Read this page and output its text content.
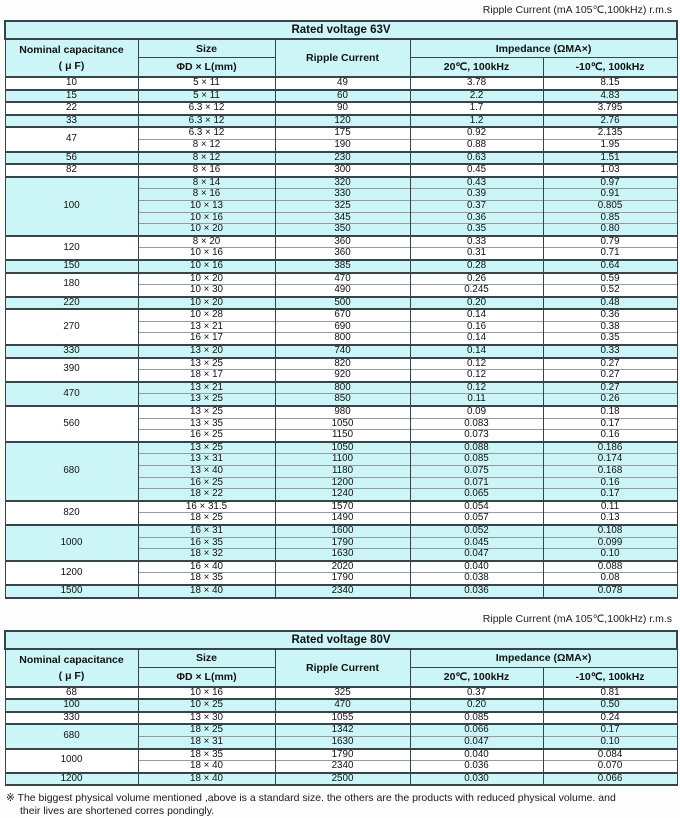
Ripple Current (mA 105℃,100kHz) r.m.s
Rated voltage 63V				

Nominal capacitance
( μ F)	Size	Ripple Current	Impedance (ΩMA×)	
	ΦD × L(mm)		20℃, 100kHz	-10℃, 100kHz
10	5 × 11	49	3.78	8.15
15	5 × 11	60	2.2	4.83
22	6.3 × 12	90	1.7	3.795
33	6.3 × 12	120	1.2	2.76
47	6.3 × 12	175	0.92	2.135
	8 × 12	190	0.88	1.95
56	8 × 12	230	0.63	1.51
82	8 × 16	300	0.45	1.03
100	8 × 14	320	0.43	0.97
	8 × 16	330	0.39	0.91
	10 × 13	325	0.37	0.805
	10 × 16	345	0.36	0.85
	10 × 20	350	0.35	0.80
120	8 × 20	360	0.33	0.79
	10 × 16	360	0.31	0.71
150	10 × 16	385	0.28	0.64
180	10 × 20	470	0.26	0.59
	10 × 30	490	0.245	0.52
220	10 × 20	500	0.20	0.48
270	10 × 28	670	0.14	0.36
	13 × 21	690	0.16	0.38
	16 × 17	800	0.14	0.35
330	13 × 20	740	0.14	0.33
390	13 × 25	820	0.12	0.27
	18 × 17	920	0.12	0.27
470	13 × 21	800	0.12	0.27
	13 × 25	850	0.11	0.26
560	13 × 25	980	0.09	0.18
	13 × 35	1050	0.083	0.17
	16 × 25	1150	0.073	0.16
680	13 × 25	1050	0.088	0.186
	13 × 31	1100	0.085	0.174
	13 × 40	1180	0.075	0.168
	16 × 25	1200	0.071	0.16
	18 × 22	1240	0.065	0.17
820	16 × 31.5	1570	0.054	0.11
	18 × 25	1490	0.057	0.13
1000	16 × 31	1600	0.052	0.108
	16 × 35	1790	0.045	0.099
	18 × 32	1630	0.047	0.10
1200	16 × 40	2020	0.040	0.088
	18 × 35	1790	0.038	0.08
1500	18 × 40	2340	0.036	0.078
Ripple Current (mA 105℃,100kHz) r.m.s
Rated voltage 80V				

Nominal capacitance
( μ F)	Size	Ripple Current	Impedance (ΩMA×)	
	ΦD × L(mm)		20℃, 100kHz	-10℃, 100kHz
68	10 × 16	325	0.37	0.81
100	10 × 25	470	0.20	0.50
330	13 × 30	1055	0.085	0.24
680	18 × 25	1342	0.066	0.17
	18 × 31	1630	0.047	0.10
1000	18 × 35	1790	0.040	0.084
	18 × 40	2340	0.036	0.070
1200	18 × 40	2500	0.030	0.066
※ The biggest physical volume mentioned ,above is a standard size. the others are the products with reduced physical volume. and
their lives are shortened corres pondingly.
